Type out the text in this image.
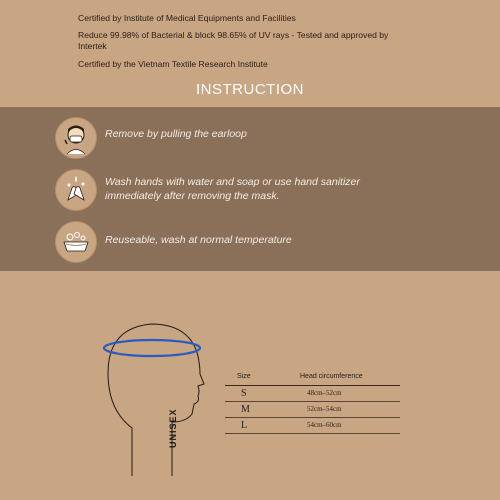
Certified by Institute of Medical Equipments and Facilities
Reduce 99.98% of Bacterial & block 98.65% of UV rays - Tested and approved by Intertek
Certified by the Vietnam Textile Research Institute
INSTRUCTION
Remove by pulling the earloop
Wash hands with water and soap or use hand sanitizer immediately after removing the mask.
Reuseable, wash at normal temperature
UNISEX
Size	Head circumference
S	48cm–52cm
M	52cm–54cm
L	54cm–60cm
